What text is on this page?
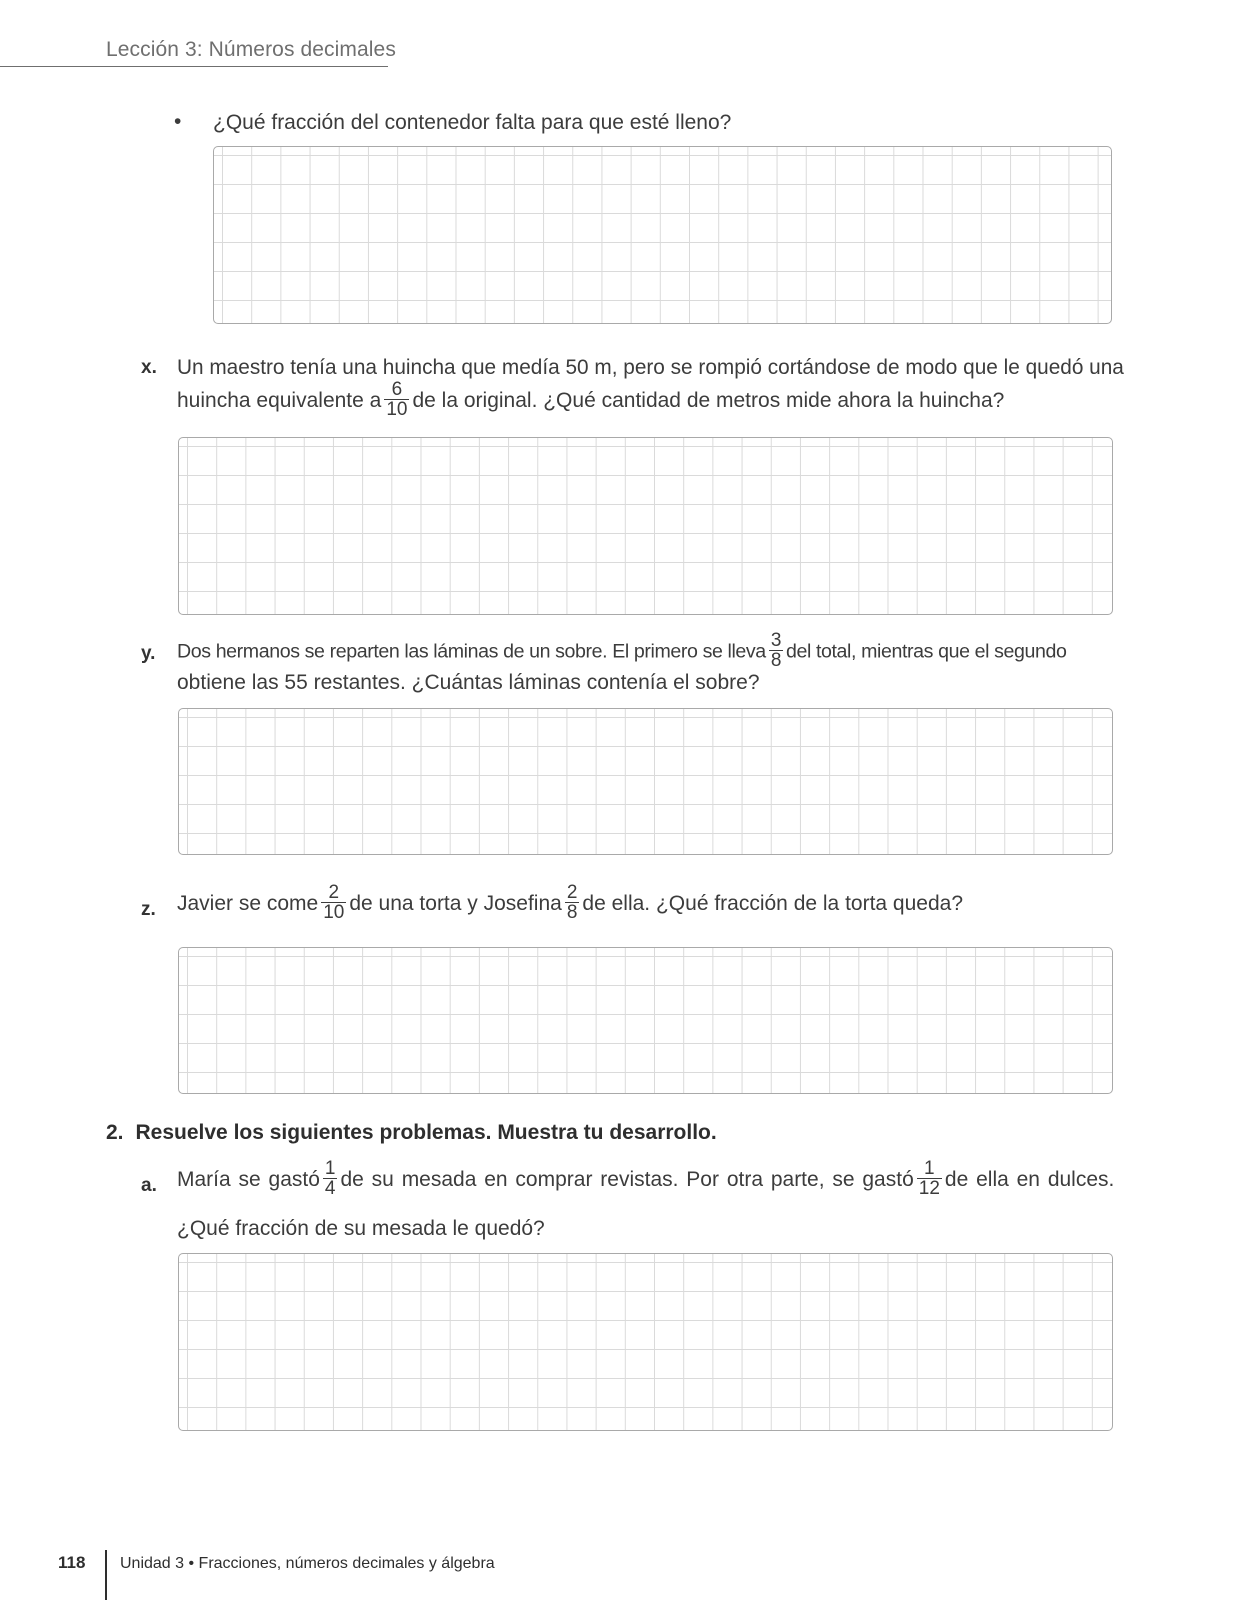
Lección 3: Números decimales
• ¿Qué fracción del contenedor falta para que esté lleno?
x. Un maestro tenía una huincha que medía 50 m, pero se rompió cortándose de modo que le quedó una
huincha equivalente a $\frac{6}{10}$ de la original. ¿Qué cantidad de metros mide ahora la huincha?
y. Dos hermanos se reparten las láminas de un sobre. El primero se lleva $\frac{3}{8}$ del total, mientras que el segundo
obtiene las 55 restantes. ¿Cuántas láminas contenía el sobre?
z. Javier se come $\frac{2}{10}$ de una torta y Josefina $\frac{2}{8}$ de ella. ¿Qué fracción de la torta queda?
2. Resuelve los siguientes problemas. Muestra tu desarrollo.
a. María se gastó $\frac{1}{4}$ de su mesada en comprar revistas. Por otra parte, se gastó $\frac{1}{12}$ de ella en dulces.
¿Qué fracción de su mesada le quedó?
118 Unidad 3 • Fracciones, números decimales y álgebra
